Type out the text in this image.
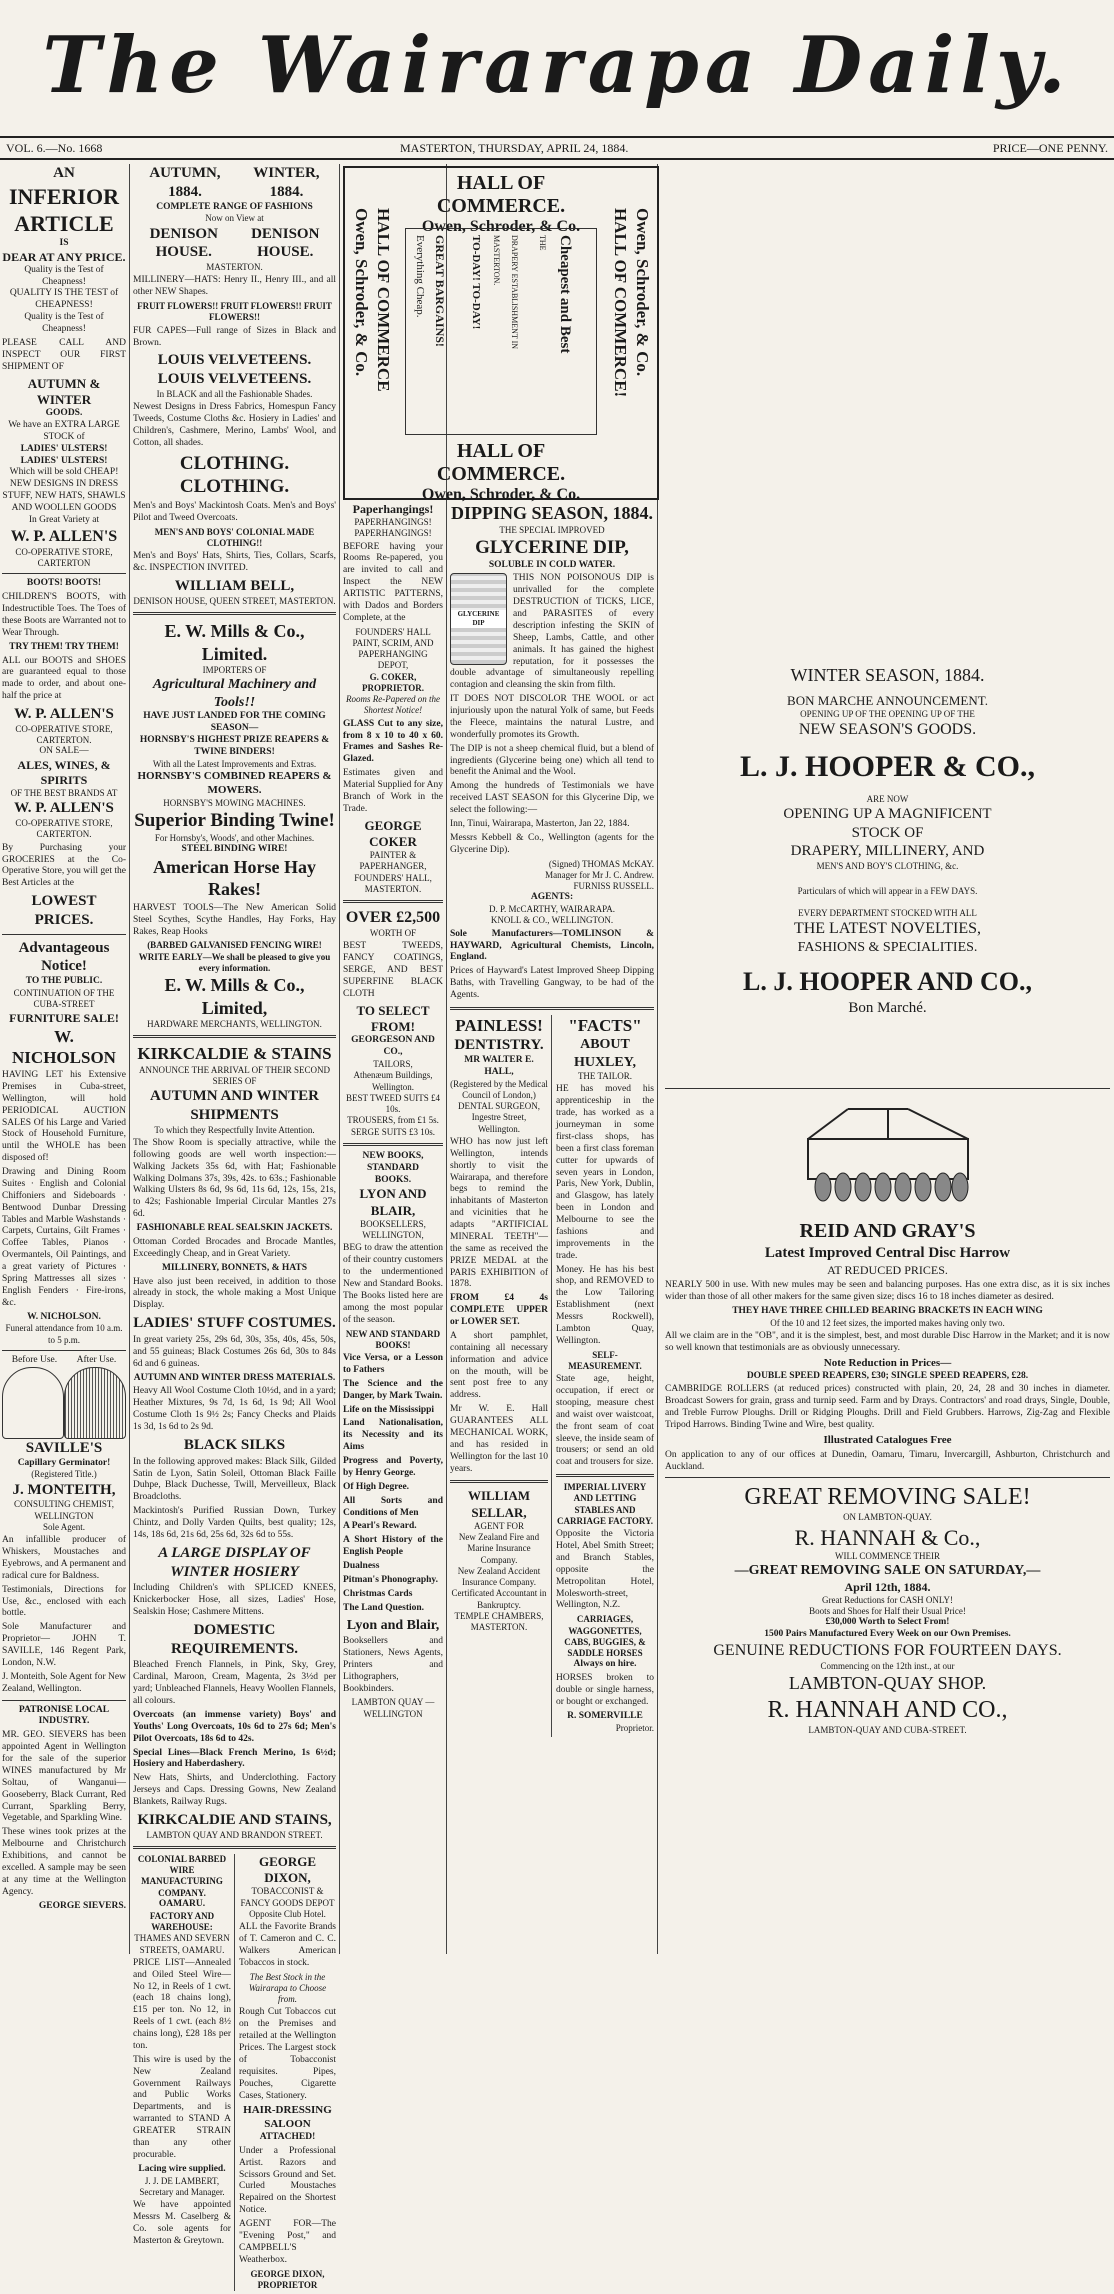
The Wairarapa Daily.
VOL. 6.—No. 1668	MASTERTON, THURSDAY, APRIL 24, 1884.	PRICE—ONE PENNY.
AN
INFERIOR
ARTICLE
IS
DEAR AT ANY PRICE.
Quality is the Test of Cheapness!
QUALITY IS THE TEST of CHEAPNESS!
Quality is the Test of Cheapness!

PLEASE CALL AND INSPECT OUR FIRST SHIPMENT OF

AUTUMN & WINTER
GOODS.
We have an EXTRA LARGE STOCK of
LADIES' ULSTERS!
LADIES' ULSTERS!
Which will be sold CHEAP!
NEW DESIGNS IN DRESS STUFF, NEW HATS, SHAWLS AND WOOLLEN GOODS
In Great Variety at
W. P. ALLEN'S
CO-OPERATIVE STORE, CARTERTON
BOOTS! BOOTS!

CHILDREN'S BOOTS, with Indestructible Toes. The Toes of these Boots are Warranted not to Wear Through.

TRY THEM! TRY THEM!

ALL our BOOTS and SHOES are guaranteed equal to those made to order, and about one-half the price at

W. P. ALLEN'S
CO-OPERATIVE STORE, CARTERTON.
ON SALE—
ALES, WINES, & SPIRITS
OF THE BEST BRANDS AT
W. P. ALLEN'S
CO-OPERATIVE STORE, CARTERTON.

By Purchasing your GROCERIES at the Co-Operative Store, you will get the Best Articles at the

LOWEST PRICES.
Advantageous Notice!
TO THE PUBLIC.
CONTINUATION OF THE CUBA-STREET
FURNITURE SALE!
W. NICHOLSON

HAVING LET his Extensive Premises in Cuba-street, Wellington, will hold PERIODICAL AUCTION SALES Of his Large and Varied Stock of Household Furniture, until the WHOLE has been disposed of!

Drawing and Dining Room Suites · English and Colonial Chiffoniers and Sideboards · Bentwood Dunbar Dressing Tables and Marble Washstands · Carpets, Curtains, Gilt Frames · Coffee Tables, Pianos · Overmantels, Oil Paintings, and a great variety of Pictures · Spring Mattresses all sizes · English Fenders · Fire-irons, &c.

W. NICHOLSON.
Funeral attendance from 10 a.m. to 5 p.m.
Before Use. After Use.
SAVILLE'S
Capillary Germinator!
(Registered Title.)
J. MONTEITH,
CONSULTING CHEMIST, WELLINGTON
Sole Agent.

An infallible producer of Whiskers, Moustaches and Eyebrows, and A permanent and radical cure for Baldness.

Testimonials, Directions for Use, &c., enclosed with each bottle.

Sole Manufacturer and Proprietor— JOHN T. SAVILLE, 146 Regent Park, London, N.W.

J. Monteith, Sole Agent for New Zealand, Wellington.

PATRONISE LOCAL INDUSTRY.

MR. GEO. SIEVERS has been appointed Agent in Wellington for the sale of the superior WINES manufactured by Mr Soltau, of Wanganui—Gooseberry, Black Currant, Red Currant, Sparkling Berry, Vegetable, and Sparkling Wine.

These wines took prizes at the Melbourne and Christchurch Exhibitions, and cannot be excelled. A sample may be seen at any time at the Wellington Agency.

GEORGE SIEVERS.
AUTUMN, 1884.
WINTER, 1884.
COMPLETE RANGE OF FASHIONS
Now on View at
DENISON HOUSE.
DENISON HOUSE.
MASTERTON.

MILLINERY—HATS: Henry II., Henry III., and all other NEW Shapes.

FRUIT FLOWERS!! FRUIT FLOWERS!! FRUIT FLOWERS!!

FUR CAPES—Full range of Sizes in Black and Brown.

LOUIS VELVETEENS. LOUIS VELVETEENS.
In BLACK and all the Fashionable Shades.

Newest Designs in Dress Fabrics, Homespun Fancy Tweeds, Costume Cloths &c. Hosiery in Ladies' and Children's, Cashmere, Merino, Lambs' Wool, and Cotton, all shades.

CLOTHING. CLOTHING.

Men's and Boys' Mackintosh Coats. Men's and Boys' Pilot and Tweed Overcoats.

MEN'S AND BOYS' COLONIAL MADE CLOTHING!!

Men's and Boys' Hats, Shirts, Ties, Collars, Scarfs, &c. INSPECTION INVITED.

WILLIAM BELL,
DENISON HOUSE, QUEEN STREET, MASTERTON.
E. W. Mills & Co., Limited.
IMPORTERS OF
Agricultural Machinery and Tools!!
HAVE JUST LANDED FOR THE COMING SEASON—
HORNSBY'S HIGHEST PRIZE REAPERS & TWINE BINDERS!
With all the Latest Improvements and Extras.
HORNSBY'S COMBINED REAPERS & MOWERS.
HORNSBY'S MOWING MACHINES.
Superior Binding Twine!
For Hornsby's, Woods', and other Machines.
STEEL BINDING WIRE!
American Horse Hay Rakes!

HARVEST TOOLS—The New American Solid Steel Scythes, Scythe Handles, Hay Forks, Hay Rakes, Reap Hooks

(BARBED GALVANISED FENCING WIRE!
WRITE EARLY—We shall be pleased to give you every information.
E. W. Mills & Co., Limited,
HARDWARE MERCHANTS, WELLINGTON.
KIRKCALDIE & STAINS
ANNOUNCE THE ARRIVAL OF THEIR SECOND SERIES OF
AUTUMN AND WINTER SHIPMENTS
To which they Respectfully Invite Attention.

The Show Room is specially attractive, while the following goods are well worth inspection:—Walking Jackets 35s 6d, with Hat; Fashionable Walking Dolmans 37s, 39s, 42s. to 63s.; Fashionable Walking Ulsters 8s 6d, 9s 6d, 11s 6d, 12s, 15s, 21s, to 42s; Fashionable Imperial Circular Mantles 27s 6d.

FASHIONABLE REAL SEALSKIN JACKETS.

Ottoman Corded Brocades and Brocade Mantles, Exceedingly Cheap, and in Great Variety.

MILLINERY, BONNETS, & HATS

Have also just been received, in addition to those already in stock, the whole making a Most Unique Display.

LADIES' STUFF COSTUMES.

In great variety 25s, 29s 6d, 30s, 35s, 40s, 45s, 50s, and 55 guineas; Black Costumes 26s 6d, 30s to 84s 6d and 6 guineas.

AUTUMN AND WINTER DRESS MATERIALS.

Heavy All Wool Costume Cloth 10½d, and in a yard; Heather Mixtures, 9s 7d, 1s 6d, 1s 9d; All Wool Costume Cloth 1s 9½ 2s; Fancy Checks and Plaids 1s 3d, 1s 6d to 2s 9d.

BLACK SILKS

In the following approved makes: Black Silk, Gilded Satin de Lyon, Satin Soleil, Ottoman Black Faille Duhpe, Black Duchesse, Twill, Merveilleux, Black Broadcloths.

Mackintosh's Purified Russian Down, Turkey Chintz, and Dolly Varden Quilts, best quality; 12s, 14s, 18s 6d, 21s 6d, 25s 6d, 32s 6d to 55s.

A LARGE DISPLAY OF WINTER HOSIERY

Including Children's with SPLICED KNEES, Knickerbocker Hose, all sizes, Ladies' Hose, Sealskin Hose; Cashmere Mittens.

DOMESTIC REQUIREMENTS.

Bleached French Flannels, in Pink, Sky, Grey, Cardinal, Maroon, Cream, Magenta, 2s 3½d per yard; Unbleached Flannels, Heavy Woollen Flannels, all colours.

Overcoats (an immense variety) Boys' and Youths' Long Overcoats, 10s 6d to 27s 6d; Men's Pilot Overcoats, 18s 6d to 42s.

Special Lines—Black French Merino, 1s 6½d; Hosiery and Haberdashery.

New Hats, Shirts, and Underclothing. Factory Jerseys and Caps. Dressing Gowns, New Zealand Blankets, Railway Rugs.

KIRKCALDIE AND STAINS,
LAMBTON QUAY AND BRANDON STREET.
COLONIAL BARBED WIRE MANUFACTURING COMPANY.
OAMARU.
FACTORY AND WAREHOUSE:
THAMES AND SEVERN STREETS, OAMARU.

PRICE LIST—Annealed and Oiled Steel Wire—No 12, in Reels of 1 cwt. (each 18 chains long), £15 per ton. No 12, in Reels of 1 cwt. (each 8½ chains long), £28 18s per ton.

This wire is used by the New Zealand Government Railways and Public Works Departments, and is warranted to STAND A GREATER STRAIN than any other procurable.

Lacing wire supplied.
J. J. DE LAMBERT, Secretary and Manager.

We have appointed Messrs M. Caselberg & Co. sole agents for Masterton & Greytown.

GEORGE DIXON,
TOBACCONIST & FANCY GOODS DEPOT
Opposite Club Hotel.

ALL the Favorite Brands of T. Cameron and C. C. Walkers American Tobaccos in stock.

The Best Stock in the Wairarapa to Choose from.

Rough Cut Tobaccos cut on the Premises and retailed at the Wellington Prices. The Largest stock of Tobacconist requisites. Pipes, Pouches, Cigarette Cases, Stationery.

HAIR-DRESSING SALOON
ATTACHED!

Under a Professional Artist. Razors and Scissors Ground and Set. Curled Moustaches Repaired on the Shortest Notice.

AGENT FOR—The "Evening Post," and CAMPBELL'S Weatherbox.

GEORGE DIXON, PROPRIETOR
HALL OF COMMERCE.
Owen, Schroder, & Co.
Owen, Schroder, & Co. HALL OF COMMERCE Everything Cheap. GREAT BARGAINS! TO-DAY! TO-DAY! MASTERTON. DRAPERY ESTABLISHMENT IN THE Cheapest and Best HALL OF COMMERCE! Owen, Schroder, & Co.
HALL OF COMMERCE.
Owen, Schroder, & Co.
Paperhangings!
PAPERHANGINGS! PAPERHANGINGS!

BEFORE having your Rooms Re-papered, you are invited to call and Inspect the NEW ARTISTIC PATTERNS, with Dados and Borders Complete, at the

FOUNDERS' HALL PAINT, SCRIM, AND PAPERHANGING DEPOT,
G. COKER, PROPRIETOR.
Rooms Re-Papered on the Shortest Notice!

GLASS Cut to any size, from 8 x 10 to 40 x 60. Frames and Sashes Re-Glazed.

Estimates given and Material Supplied for Any Branch of Work in the Trade.

GEORGE COKER
PAINTER & PAPERHANGER,
FOUNDERS' HALL, MASTERTON.
OVER £2,500
WORTH OF

BEST TWEEDS, FANCY COATINGS, SERGE, AND BEST SUPERFINE BLACK CLOTH

TO SELECT FROM!
GEORGESON AND CO.,
TAILORS,
Athenæum Buildings, Wellington.
BEST TWEED SUITS £4 10s.
TROUSERS, from £1 5s.
SERGE SUITS £3 10s.
NEW BOOKS,
STANDARD
BOOKS.
LYON AND BLAIR,
BOOKSELLERS, WELLINGTON,

BEG to draw the attention of their country customers to the undermentioned New and Standard Books. The Books listed here are among the most popular of the season.

NEW AND STANDARD BOOKS!

Vice Versa, or a Lesson to Fathers

The Science and the Danger, by Mark Twain.

Life on the Mississippi

Land Nationalisation, its Necessity and its Aims

Progress and Poverty, by Henry George.

Of High Degree.

All Sorts and Conditions of Men

A Pearl's Reward.

A Short History of the English People

Dualness

Pitman's Phonography.

Christmas Cards

The Land Question.

Lyon and Blair,

Booksellers and Stationers, News Agents, Printers and Lithographers, Bookbinders.

LAMBTON QUAY — WELLINGTON
DIPPING SEASON, 1884.
THE SPECIAL IMPROVED
GLYCERINE DIP,
SOLUBLE IN COLD WATER.
GLYCERINE DIP

THIS NON POISONOUS DIP is unrivalled for the complete DESTRUCTION of TICKS, LICE, and PARASITES of every description infesting the SKIN of Sheep, Lambs, Cattle, and other animals. It has gained the highest reputation, for it possesses the double advantage of simultaneously repelling contagion and cleansing the skin from filth.

IT DOES NOT DISCOLOR THE WOOL or act injuriously upon the natural Yolk of same, but Feeds the Fleece, maintains the natural Lustre, and wonderfully promotes its Growth.

The DIP is not a sheep chemical fluid, but a blend of ingredients (Glycerine being one) which all tend to benefit the Animal and the Wool.

Among the hundreds of Testimonials we have received LAST SEASON for this Glycerine Dip, we select the following:—

Inn, Tinui, Wairarapa, Masterton, Jan 22, 1884.

Messrs Kebbell & Co., Wellington (agents for the Glycerine Dip).

(Signed) THOMAS McKAY.
Manager for Mr J. C. Andrew.
FURNISS RUSSELL.
AGENTS:
D. P. McCARTHY, WAIRARAPA.
KNOLL & CO., WELLINGTON.

Sole Manufacturers—TOMLINSON & HAYWARD, Agricultural Chemists, Lincoln, England.

Prices of Hayward's Latest Improved Sheep Dipping Baths, with Travelling Gangway, to be had of the Agents.

PAINLESS!
DENTISTRY.
MR WALTER E. HALL,
(Registered by the Medical Council of London,)
DENTAL SURGEON,
Ingestre Street, Wellington.

WHO has now just left Wellington, intends shortly to visit the Wairarapa, and therefore begs to remind the inhabitants of Masterton and vicinities that he adapts "ARTIFICIAL MINERAL TEETH"—the same as received the PRIZE MEDAL at the PARIS EXHIBITION of 1878.

FROM £4 4s COMPLETE UPPER or LOWER SET.

A short pamphlet, containing all necessary information and advice on the mouth, will be sent post free to any address.

Mr W. E. Hall GUARANTEES ALL MECHANICAL WORK, and has resided in Wellington for the last 10 years.

WILLIAM SELLAR,
AGENT FOR
New Zealand Fire and Marine Insurance Company.
New Zealand Accident Insurance Company.
Certificated Accountant in Bankruptcy.
TEMPLE CHAMBERS, MASTERTON.
"FACTS"
ABOUT HUXLEY,
THE TAILOR.

HE has moved his apprenticeship in the trade, has worked as a journeyman in some first-class shops, has been a first class foreman cutter for upwards of seven years in London, Paris, New York, Dublin, and Glasgow, has lately been in London and Melbourne to see the fashions and improvements in the trade.

Money. He has his best shop, and REMOVED to the Low Tailoring Establishment (next Messrs Rockwell), Lambton Quay, Wellington.

SELF-MEASUREMENT.

State age, height, occupation, if erect or stooping, measure chest and waist over waistcoat, the front seam of coat sleeve, the inside seam of trousers; or send an old coat and trousers for size.

IMPERIAL LIVERY AND LETTING STABLES AND CARRIAGE FACTORY.

Opposite the Victoria Hotel, Abel Smith Street; and Branch Stables, opposite the Metropolitan Hotel, Molesworth-street, Wellington, N.Z.

CARRIAGES, WAGGONETTES, CABS, BUGGIES, & SADDLE HORSES
Always on hire.

HORSES broken to double or single harness, or bought or exchanged.

R. SOMERVILLE
Proprietor.
WINTER SEASON, 1884.
BON MARCHE ANNOUNCEMENT.
OPENING UP OF THE OPENING UP OF THE
NEW SEASON'S GOODS.
L. J. HOOPER & CO.,
ARE NOW
OPENING UP A MAGNIFICENT
STOCK OF
DRAPERY, MILLINERY, AND
MEN'S AND BOY'S CLOTHING, &c.
Particulars of which will appear in a FEW DAYS.
EVERY DEPARTMENT STOCKED WITH ALL
THE LATEST NOVELTIES,
FASHIONS & SPECIALITIES.
L. J. HOOPER AND CO.,
Bon Marché.
REID AND GRAY'S
Latest Improved Central Disc Harrow
AT REDUCED PRICES.

NEARLY 500 in use. With new mules may be seen and balancing purposes. Has one extra disc, as it is six inches wider than those of all other makers for the same given size; discs 16 to 18 inches diameter as desired.

THEY HAVE THREE CHILLED BEARING BRACKETS IN EACH WING
Of the 10 and 12 feet sizes, the imported makes having only two.

All we claim are in the "OB", and it is the simplest, best, and most durable Disc Harrow in the Market; and it is now so well known that testimonials are as obviously unnecessary.

Note Reduction in Prices—
DOUBLE SPEED REAPERS, £30; SINGLE SPEED REAPERS, £28.

CAMBRIDGE ROLLERS (at reduced prices) constructed with plain, 20, 24, 28 and 30 inches in diameter. Broadcast Sowers for grain, grass and turnip seed. Farm and by Drays. Contractors' and road drays, Single, Double, and Treble Furrow Ploughs. Drill or Ridging Ploughs. Drill and Field Grubbers. Harrows, Zig-Zag and Flexible Tripod Harrows. Binding Twine and Wire, best quality.

Illustrated Catalogues Free

On application to any of our offices at Dunedin, Oamaru, Timaru, Invercargill, Ashburton, Christchurch and Auckland.

GREAT REMOVING SALE!
ON LAMBTON-QUAY.
R. HANNAH & Co.,
WILL COMMENCE THEIR
—GREAT REMOVING SALE ON SATURDAY,—
April 12th, 1884.
Great Reductions for CASH ONLY!
Boots and Shoes for Half their Usual Price!
£30,000 Worth to Select From!
1500 Pairs Manufactured Every Week on our Own Premises.
GENUINE REDUCTIONS FOR FOURTEEN DAYS.
Commencing on the 12th inst., at our
LAMBTON-QUAY SHOP.
R. HANNAH AND CO.,
LAMBTON-QUAY AND CUBA-STREET.
